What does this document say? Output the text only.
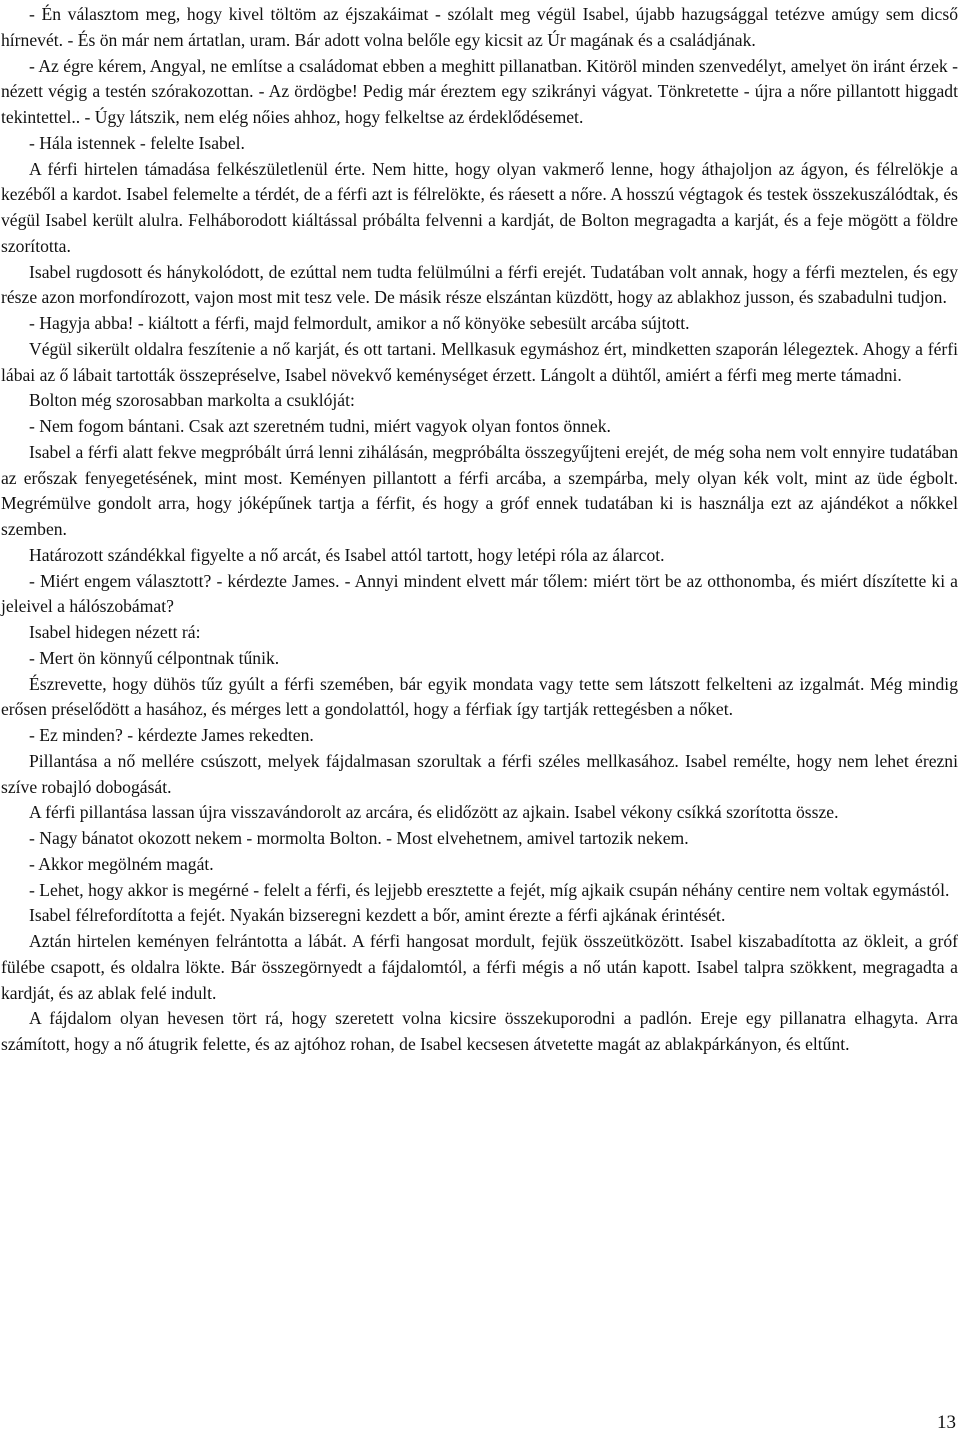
- Én választom meg, hogy kivel töltöm az éjszakáimat - szólalt meg végül Isabel, újabb hazugsággal tetézve amúgy sem dicső hírnevét. - És ön már nem ártatlan, uram. Bár adott volna belőle egy kicsit az Úr magának és a családjának.

- Az égre kérem, Angyal, ne említse a családomat ebben a meghitt pillanatban. Kitöröl minden szenvedélyt, amelyet ön iránt érzek - nézett végig a testén szórakozottan. - Az ördögbe! Pedig már éreztem egy szikrányi vágyat. Tönkretette - újra a nőre pillantott higgadt tekintettel.. - Úgy látszik, nem elég nőies ahhoz, hogy felkeltse az érdeklődésemet.

- Hála istennek - felelte Isabel.

A férfi hirtelen támadása felkészületlenül érte. Nem hitte, hogy olyan vakmerő lenne, hogy áthajoljon az ágyon, és félrelökje a kezéből a kardot. Isabel felemelte a térdét, de a férfi azt is félrelökte, és ráesett a nőre. A hosszú végtagok és testek összekuszálódtak, és végül Isabel került alulra. Felháborodott kiáltással próbálta felvenni a kardját, de Bolton megragadta a karját, és a feje mögött a földre szorította.

Isabel rugdosott és hánykolódott, de ezúttal nem tudta felülmúlni a férfi erejét. Tudatában volt annak, hogy a férfi meztelen, és egy része azon morfondírozott, vajon most mit tesz vele. De másik része elszántan küzdött, hogy az ablakhoz jusson, és szabadulni tudjon.

- Hagyja abba! - kiáltott a férfi, majd felmordult, amikor a nő könyöke sebesült arcába sújtott.

Végül sikerült oldalra feszítenie a nő karját, és ott tartani. Mellkasuk egymáshoz ért, mindketten szaporán lélegeztek. Ahogy a férfi lábai az ő lábait tartották összepréselve, Isabel növekvő keménységet érzett. Lángolt a dühtől, amiért a férfi meg merte támadni.

Bolton még szorosabban markolta a csuklóját:

- Nem fogom bántani. Csak azt szeretném tudni, miért vagyok olyan fontos önnek.

Isabel a férfi alatt fekve megpróbált úrrá lenni zihálásán, megpróbálta összegyűjteni erejét, de még soha nem volt ennyire tudatában az erőszak fenyegetésének, mint most. Keményen pillantott a férfi arcába, a szempárba, mely olyan kék volt, mint az üde égbolt. Megrémülve gondolt arra, hogy jóképűnek tartja a férfit, és hogy a gróf ennek tudatában ki is használja ezt az ajándékot a nőkkel szemben.

Határozott szándékkal figyelte a nő arcát, és Isabel attól tartott, hogy letépi róla az álarcot.

- Miért engem választott? - kérdezte James. - Annyi mindent elvett már tőlem: miért tört be az otthonomba, és miért díszítette ki a jeleivel a hálószobámat?

Isabel hidegen nézett rá:

- Mert ön könnyű célpontnak tűnik.

Észrevette, hogy dühös tűz gyúlt a férfi szemében, bár egyik mondata vagy tette sem látszott felkelteni az izgalmát. Még mindig erősen préselődött a hasához, és mérges lett a gondolattól, hogy a férfiak így tartják rettegésben a nőket.

- Ez minden? - kérdezte James rekedten.

Pillantása a nő mellére csúszott, melyek fájdalmasan szorultak a férfi széles mellkasához. Isabel remélte, hogy nem lehet érezni szíve robajló dobogását.

A férfi pillantása lassan újra visszavándorolt az arcára, és elidőzött az ajkain. Isabel vékony csíkká szorította össze.

- Nagy bánatot okozott nekem - mormolta Bolton. - Most elvehetnem, amivel tartozik nekem.

- Akkor megölném magát.

- Lehet, hogy akkor is megérné - felelt a férfi, és lejjebb eresztette a fejét, míg ajkaik csupán néhány centire nem voltak egymástól.

Isabel félrefordította a fejét. Nyakán bizseregni kezdett a bőr, amint érezte a férfi ajkának érintését.

Aztán hirtelen keményen felrántotta a lábát. A férfi hangosat mordult, fejük összeütközött. Isabel kiszabadította az ökleit, a gróf fülébe csapott, és oldalra lökte. Bár összegörnyedt a fájdalomtól, a férfi mégis a nő után kapott. Isabel talpra szökkent, megragadta a kardját, és az ablak felé indult.

A fájdalom olyan hevesen tört rá, hogy szeretett volna kicsire összekuporodni a padlón. Ereje egy pillanatra elhagyta. Arra számított, hogy a nő átugrik felette, és az ajtóhoz rohan, de Isabel kecsesen átvetette magát az ablakpárkányon, és eltűnt.

13
